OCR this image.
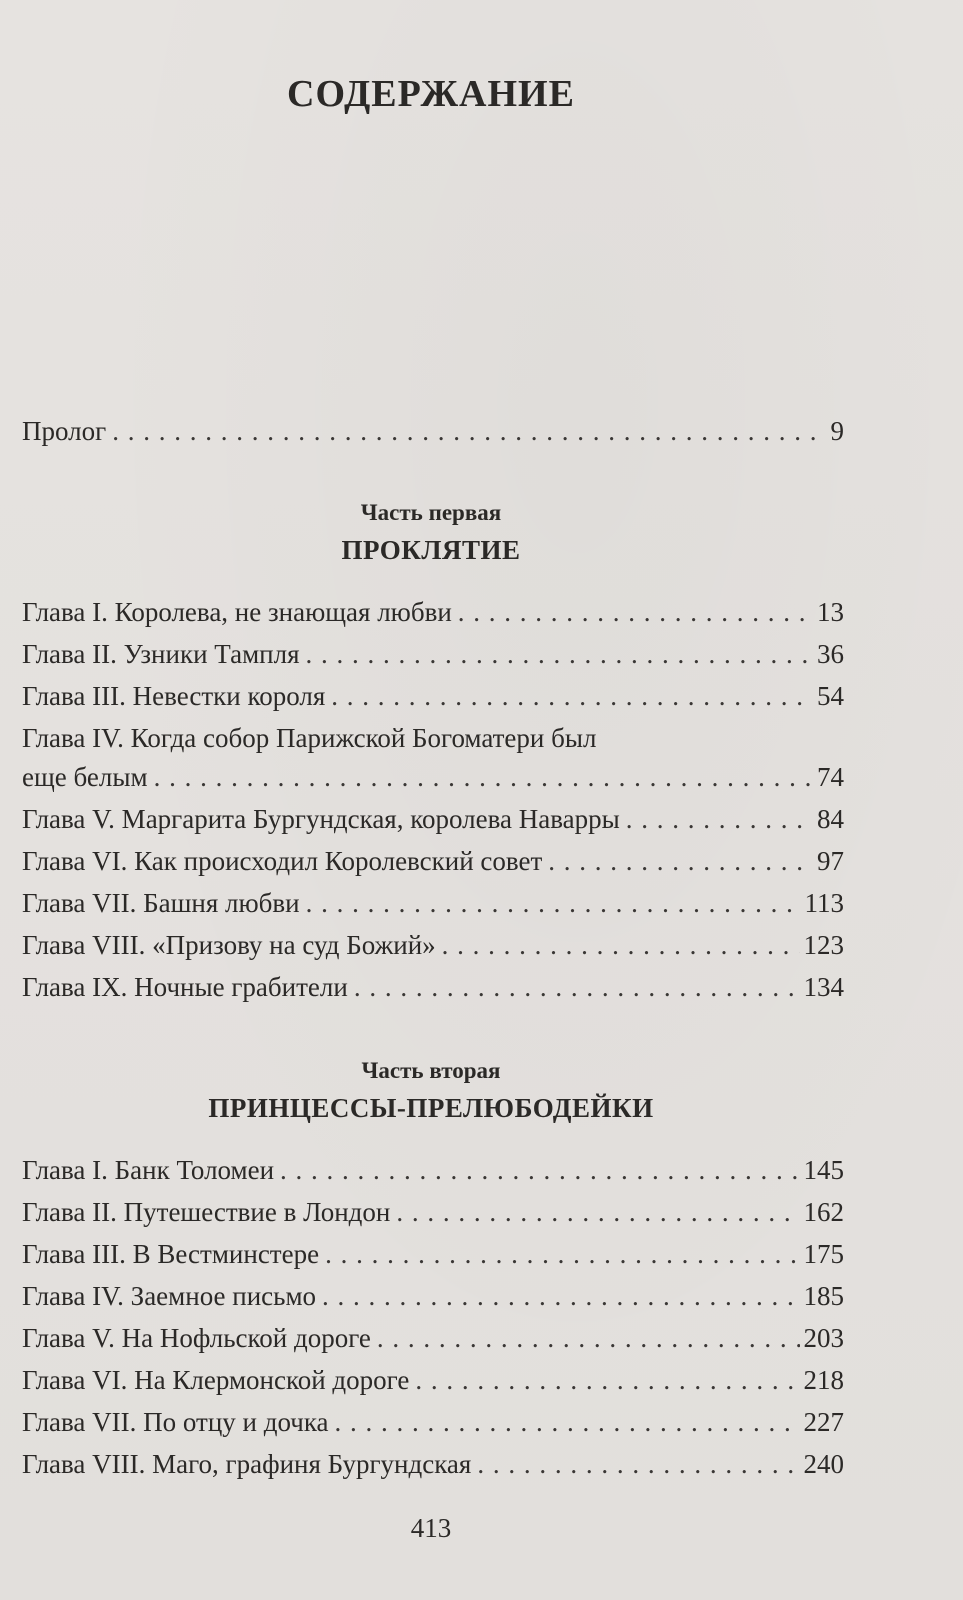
СОДЕРЖАНИЕ
Пролог . . .	9
Часть первая
ПРОКЛЯТИЕ
Глава I. Королева, не знающая любви . . .	13
Глава II. Узники Тампля . . .	36
Глава III. Невестки короля . . .	54
Глава IV. Когда собор Парижской Богоматери был
еще белым . . .	74
Глава V. Маргарита Бургундская, королева Наварры . . .	84
Глава VI. Как происходил Королевский совет . . .	97
Глава VII. Башня любви . . .	113
Глава VIII. «Призову на суд Божий» . . .	123
Глава IX. Ночные грабители . . .	134
Часть вторая
ПРИНЦЕССЫ-ПРЕЛЮБОДЕЙКИ
Глава I. Банк Толомеи . . .	145
Глава II. Путешествие в Лондон . . .	162
Глава III. В Вестминстере . . .	175
Глава IV. Заемное письмо . . .	185
Глава V. На Нофльской дороге . . .	203
Глава VI. На Клермонской дороге . . .	218
Глава VII. По отцу и дочка . . .	227
Глава VIII. Маго, графиня Бургундская . . .	240
413
